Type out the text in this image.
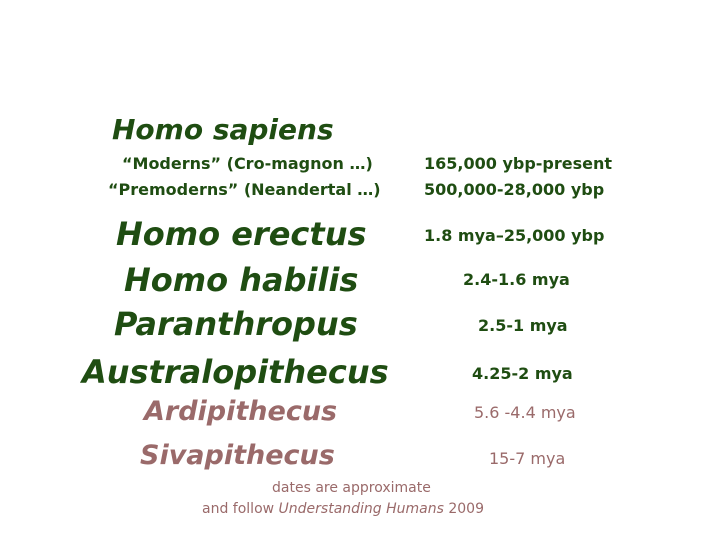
Homo sapiens
“Moderns” (Cro-magnon …)	165,000 ybp-present
“Premoderns” (Neandertal …)	500,000-28,000 ybp
Homo erectus	1.8 mya–25,000 ybp
Homo habilis	2.4-1.6 mya
Paranthropus	2.5-1 mya
Australopithecus	4.25-2 mya
Ardipithecus	5.6 -4.4 mya
Sivapithecus	15-7 mya
dates are approximate
and follow Understanding Humans 2009
